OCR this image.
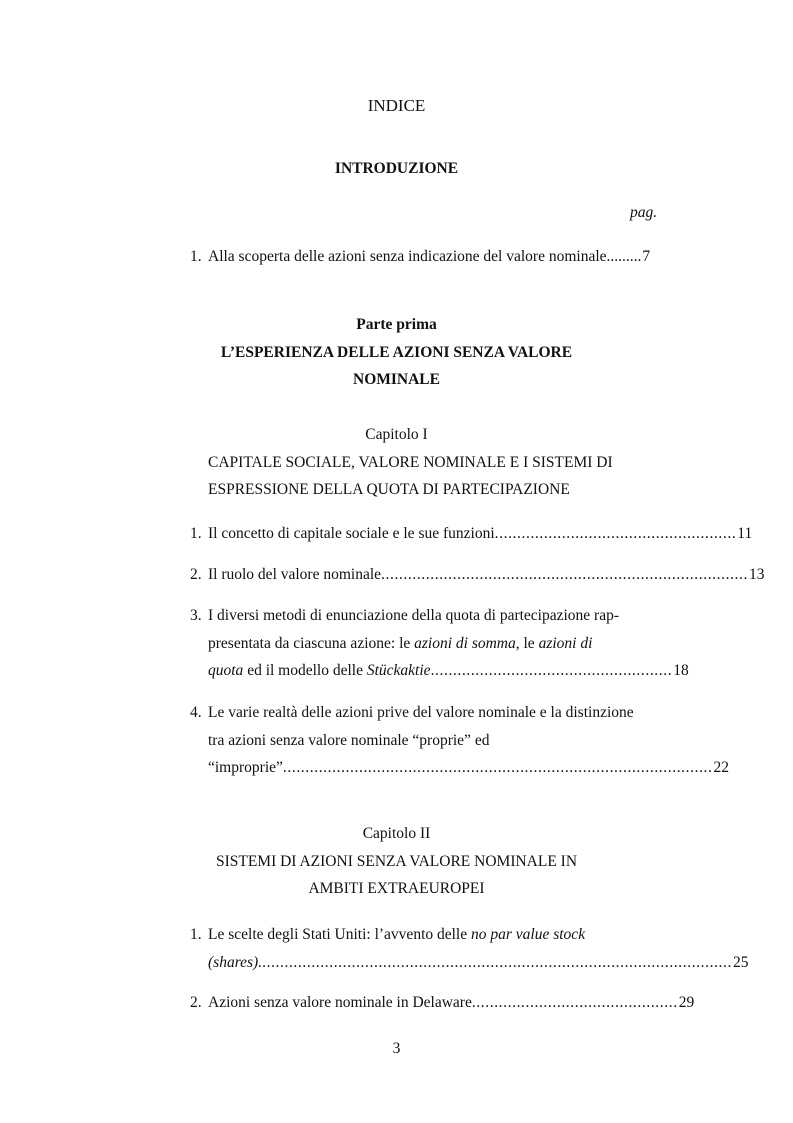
INDICE
INTRODUZIONE
pag.
1. Alla scoperta delle azioni senza indicazione del valore nominale ......... 7
Parte prima
L’ESPERIENZA DELLE AZIONI SENZA VALORE
NOMINALE
Capitolo I
CAPITALE SOCIALE, VALORE NOMINALE E I SISTEMI DI
ESPRESSIONE DELLA QUOTA DI PARTECIPAZIONE
1. Il concetto di capitale sociale e le sue funzioni ...................................................... 11
2. Il ruolo del valore nominale .................................................................................. 13
3. I diversi metodi di enunciazione della quota di partecipazione rap-
presentata da ciascuna azione: le azioni di somma, le azioni di
quota ed il modello delle Stückaktie ...................................................... 18
4. Le varie realtà delle azioni prive del valore nominale e la distinzione
tra azioni senza valore nominale “proprie” ed
“improprie” ................................................................................................ 22
Capitolo II
SISTEMI DI AZIONI SENZA VALORE NOMINALE IN
AMBITI EXTRAEUROPEI
1. Le scelte degli Stati Uniti: l’avvento delle no par value stock
(shares). ......................................................................................................... 25
2. Azioni senza valore nominale in Delaware .............................................. 29
3
